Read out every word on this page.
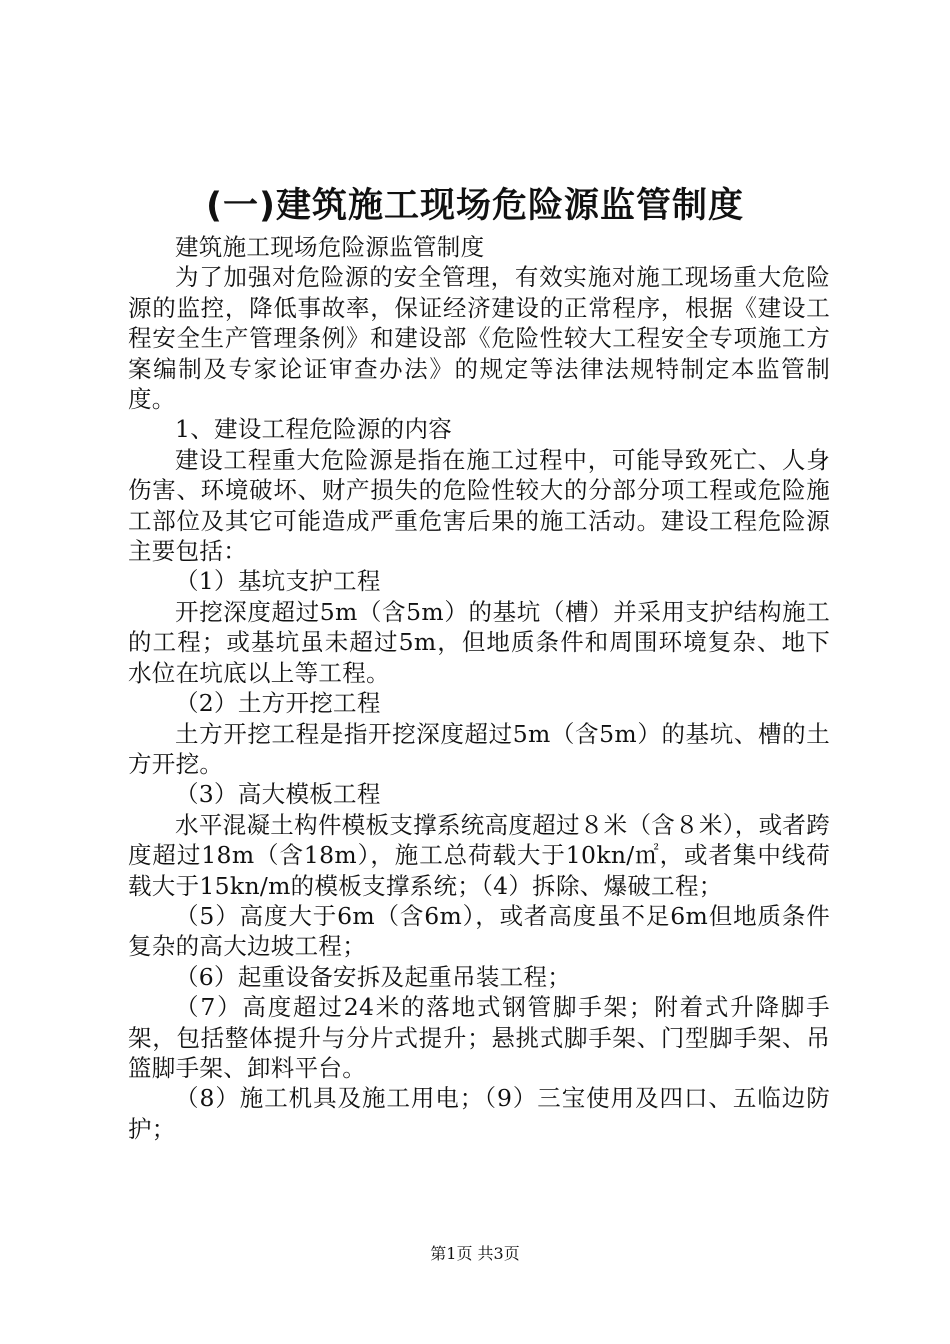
(一)建筑施工现场危险源监管制度

建筑施工现场危险源监管制度

为了加强对危险源的安全管理，有效实施对施工现场重大危险源的监控，降低事故率，保证经济建设的正常程序，根据《建设工程安全生产管理条例》和建设部《危险性较大工程安全专项施工方案编制及专家论证审查办法》的规定等法律法规特制定本监管制度。

1、建设工程危险源的内容

建设工程重大危险源是指在施工过程中，可能导致死亡、人身伤害、环境破坏、财产损失的危险性较大的分部分项工程或危险施工部位及其它可能造成严重危害后果的施工活动。建设工程危险源主要包括：

（1）基坑支护工程

开挖深度超过5m（含5m）的基坑（槽）并采用支护结构施工的工程；或基坑虽未超过5m，但地质条件和周围环境复杂、地下水位在坑底以上等工程。

（2）土方开挖工程

土方开挖工程是指开挖深度超过5m（含5m）的基坑、槽的土方开挖。

（3）高大模板工程

水平混凝土构件模板支撑系统高度超过８米（含８米），或者跨度超过18m（含18m），施工总荷载大于10kn/㎡，或者集中线荷载大于15kn/m的模板支撑系统；（4）拆除、爆破工程；

（5）高度大于6m（含6m），或者高度虽不足6m但地质条件复杂的高大边坡工程；

（6）起重设备安拆及起重吊装工程；

（7）高度超过24米的落地式钢管脚手架；附着式升降脚手架，包括整体提升与分片式提升；悬挑式脚手架、门型脚手架、吊篮脚手架、卸料平台。

（8）施工机具及施工用电；（9）三宝使用及四口、五临边防护；

第1页 共3页
